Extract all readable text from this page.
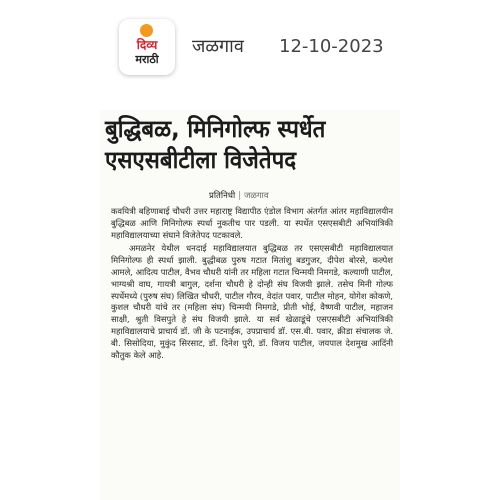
दिव्य
मराठी
जळगाव 12-10-2023
बुद्धिबळ, मिनिगोल्फ स्पर्धेत
एसएसबीटीला विजेतेपद
प्रतिनिधी | जळगाव

कवयित्री बहिणाबाई चौधरी उत्तर महाराष्ट्र विद्यापीठ एंडोल विभाग अंतर्गत आंतर महाविद्यालयीन बुद्धिबळ आणि मिनिगोल्फ स्पर्धा नुकतीच पार पडली. या स्पर्धेत एसएसबीटी अभियांत्रिकी महाविद्यालयाच्या संघाने विजेतेपद पटकावले.

अमळनेर येथील धनदाई महाविद्यालयात बुद्धिबळ तर एसएसबीटी महाविद्यालयात मिनिगोल्फ ही स्पर्धा झाली. बुद्धीबळ पुरुष गटात मितांशु बडगुजर, दीपेश बोरसे, कल्पेश आमले, आदित्य पाटील, वैभव चौधरी यांनी तर महिला गटात चिन्मयी निमगडे, कल्याणी पाटील, भाग्यश्री वाघ, गायत्री बागुल, दर्शना चौधरी हे दोन्ही संघ विजयी झाले. तसेच मिनी गोल्फ स्पर्धेमध्ये (पुरुष संघ) लिखित चौधरी, पाटील गौरव, वेदांत पवार, पाटील मोहन, योगेश कोकणे, कुशल चौधरी यांचे तर (महिला संघ) चिन्मयी निमगडे, प्रीती भोई, वैष्णवी पाटील, महाजन साक्षी, श्रुती विसपुते हे संघ विजयी झाले. या सर्व खेळाडूंचे एसएसबीटी अभियांत्रिकी महाविद्यालयाचे प्राचार्य डॉ. जी के पटनाईक, उपप्राचार्य डॉ. एस.बी. पवार, क्रीडा संचालक जे. बी. सिसोदिया, मुकुंद सिरसाट, डॉ. दिनेश पुरी, डॉ. विजय पाटील, जयपाल देशमुख आदिंनी कौतुक केले आहे.
